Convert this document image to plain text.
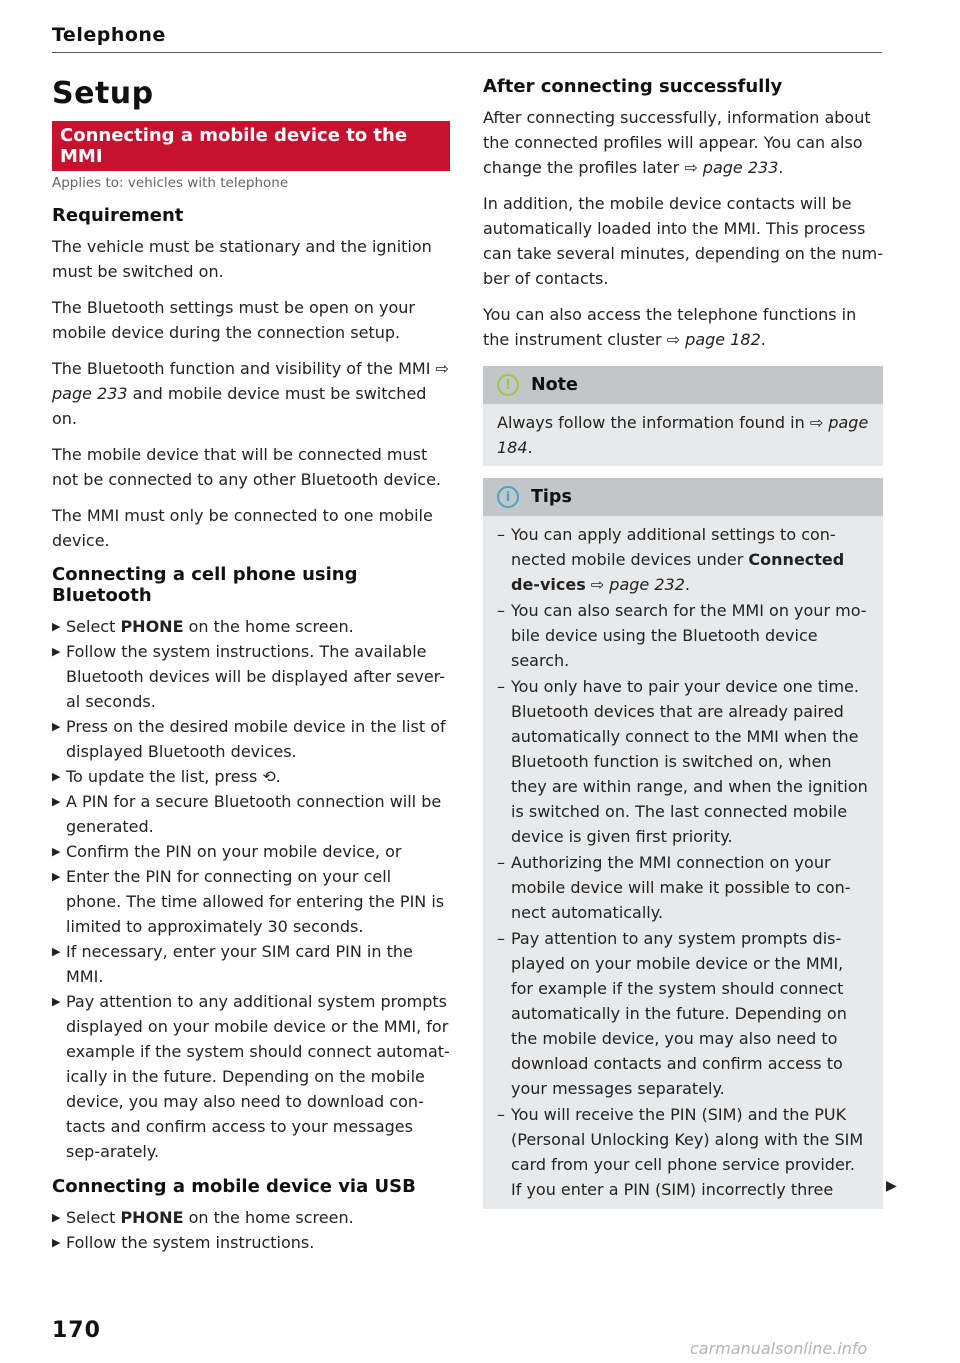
Telephone
Setup
Connecting a mobile device to the MMI
Applies to: vehicles with telephone
Requirement

The vehicle must be stationary and the ignition must be switched on.

The Bluetooth settings must be open on your mobile device during the connection setup.

The Bluetooth function and visibility of the MMI ⇨ page 233 and mobile device must be switched on.

The mobile device that will be connected must not be connected to any other Bluetooth device.

The MMI must only be connected to one mobile device.

Connecting a cell phone using Bluetooth
▶ Select PHONE on the home screen.
▶ Follow the system instructions. The available Bluetooth devices will be displayed after sever-al seconds.
▶ Press on the desired mobile device in the list of displayed Bluetooth devices.
▶ To update the list, press ⟲.
▶ A PIN for a secure Bluetooth connection will be generated.
▶ Confirm the PIN on your mobile device, or
▶ Enter the PIN for connecting on your cell phone. The time allowed for entering the PIN is limited to approximately 30 seconds.
▶ If necessary, enter your SIM card PIN in the MMI.
▶ Pay attention to any additional system prompts displayed on your mobile device or the MMI, for example if the system should connect automat-ically in the future. Depending on the mobile device, you may also need to download con-tacts and confirm access to your messages sep-arately.
Connecting a mobile device via USB
▶ Select PHONE on the home screen.
▶ Follow the system instructions.
After connecting successfully

After connecting successfully, information about the connected profiles will appear. You can also change the profiles later ⇨ page 233.

In addition, the mobile device contacts will be automatically loaded into the MMI. This process can take several minutes, depending on the num-ber of contacts.

You can also access the telephone functions in the instrument cluster ⇨ page 182.

!	Note

Always follow the information found in ⇨ page 184.

i	Tips
– You can apply additional settings to con-nected mobile devices under Connected de-vices ⇨ page 232.
– You can also search for the MMI on your mo-bile device using the Bluetooth device search.
– You only have to pair your device one time. Bluetooth devices that are already paired automatically connect to the MMI when the Bluetooth function is switched on, when they are within range, and when the ignition is switched on. The last connected mobile device is given first priority.
– Authorizing the MMI connection on your mobile device will make it possible to con-nect automatically.
– Pay attention to any system prompts dis-played on your mobile device or the MMI, for example if the system should connect automatically in the future. Depending on the mobile device, you may also need to download contacts and confirm access to your messages separately.
– You will receive the PIN (SIM) and the PUK (Personal Unlocking Key) along with the SIM card from your cell phone service provider. If you enter a PIN (SIM) incorrectly three	▶
170
carmanualsonline.info
